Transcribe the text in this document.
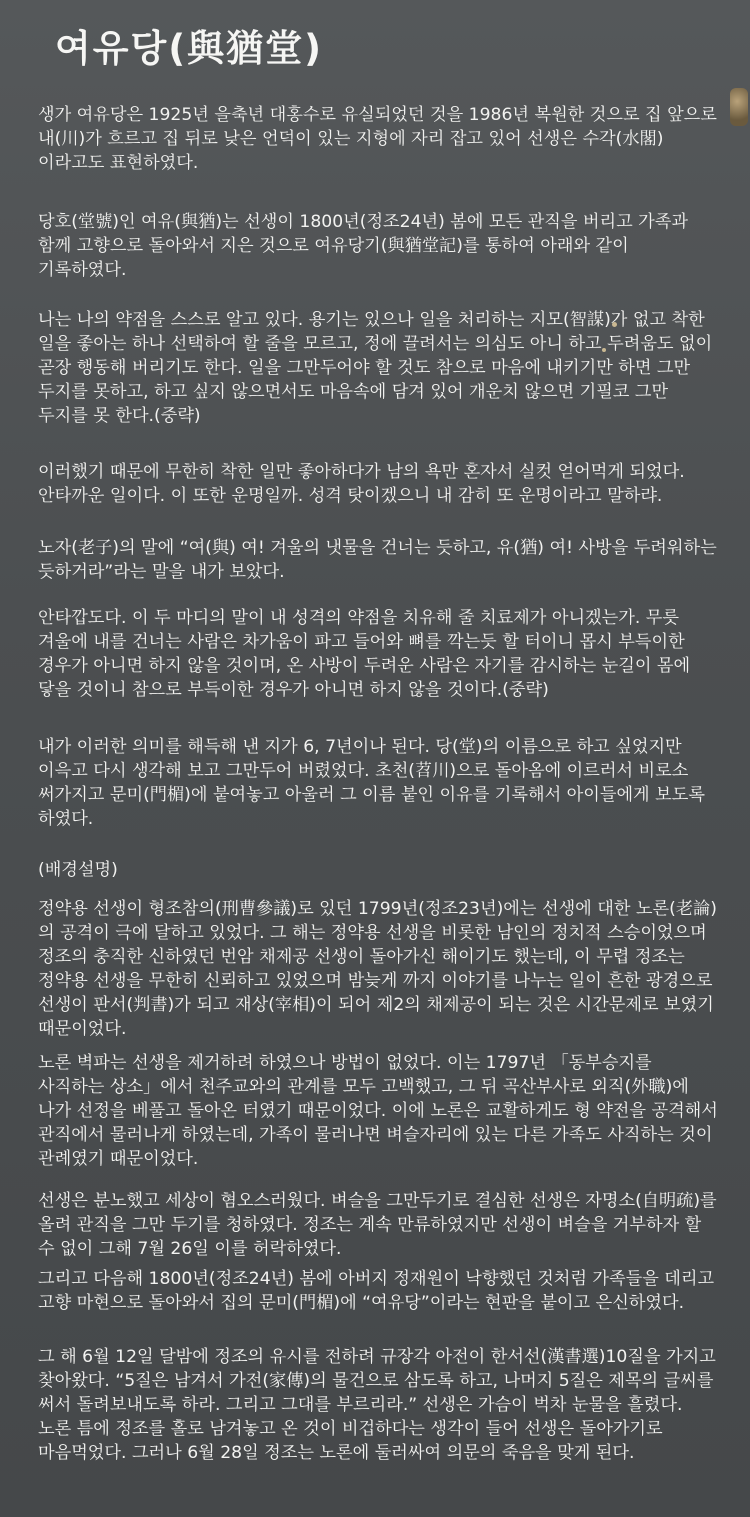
여유당(與猶堂)

생가 여유당은 1925년 을축년 대홍수로 유실되었던 것을 1986년 복원한 것으로 집 앞으로 내(川)가 흐르고 집 뒤로 낮은 언덕이 있는 지형에 자리 잡고 있어 선생은 수각(水閣)이라고도 표현하였다.

당호(堂號)인 여유(與猶)는 선생이 1800년(정조24년) 봄에 모든 관직을 버리고 가족과 함께 고향으로 돌아와서 지은 것으로 여유당기(與猶堂記)를 통하여 아래와 같이 기록하였다.

나는 나의 약점을 스스로 알고 있다. 용기는 있으나 일을 처리하는 지모(智謀)가 없고 착한 일을 좋아는 하나 선택하여 할 줄을 모르고, 정에 끌려서는 의심도 아니 하고 두려움도 없이 곧장 행동해 버리기도 한다. 일을 그만두어야 할 것도 참으로 마음에 내키기만 하면 그만 두지를 못하고, 하고 싶지 않으면서도 마음속에 담겨 있어 개운치 않으면 기필코 그만 두지를 못 한다.(중략)

이러했기 때문에 무한히 착한 일만 좋아하다가 남의 욕만 혼자서 실컷 얻어먹게 되었다. 안타까운 일이다. 이 또한 운명일까. 성격 탓이겠으니 내 감히 또 운명이라고 말하랴.

노자(老子)의 말에 “여(與) 여! 겨울의 냇물을 건너는 듯하고, 유(猶) 여! 사방을 두려워하는 듯하거라”라는 말을 내가 보았다.

안타깝도다. 이 두 마디의 말이 내 성격의 약점을 치유해 줄 치료제가 아니겠는가. 무릇 겨울에 내를 건너는 사람은 차가움이 파고 들어와 뼈를 깍는듯 할 터이니 몹시 부득이한 경우가 아니면 하지 않을 것이며, 온 사방이 두려운 사람은 자기를 감시하는 눈길이 몸에 닿을 것이니 참으로 부득이한 경우가 아니면 하지 않을 것이다.(중략)

내가 이러한 의미를 해득해 낸 지가 6, 7년이나 된다. 당(堂)의 이름으로 하고 싶었지만 이윽고 다시 생각해 보고 그만두어 버렸었다. 초천(苕川)으로 돌아옴에 이르러서 비로소 써가지고 문미(門楣)에 붙여놓고 아울러 그 이름 붙인 이유를 기록해서 아이들에게 보도록 하였다.

(배경설명)

정약용 선생이 형조참의(刑曹參議)로 있던 1799년(정조23년)에는 선생에 대한 노론(老論)의 공격이 극에 달하고 있었다. 그 해는 정약용 선생을 비롯한 남인의 정치적 스승이었으며 정조의 충직한 신하였던 번암 채제공 선생이 돌아가신 해이기도 했는데, 이 무렵 정조는 정약용 선생을 무한히 신뢰하고 있었으며 밤늦게 까지 이야기를 나누는 일이 흔한 광경으로 선생이 판서(判書)가 되고 재상(宰相)이 되어 제2의 채제공이 되는 것은 시간문제로 보였기 때문이었다.

노론 벽파는 선생을 제거하려 하였으나 방법이 없었다. 이는 1797년 「동부승지를 사직하는 상소」에서 천주교와의 관계를 모두 고백했고, 그 뒤 곡산부사로 외직(外職)에 나가 선정을 베풀고 돌아온 터였기 때문이었다. 이에 노론은 교활하게도 형 약전을 공격해서 관직에서 물러나게 하였는데, 가족이 물러나면 벼슬자리에 있는 다른 가족도 사직하는 것이 관례였기 때문이었다.

선생은 분노했고 세상이 혐오스러웠다. 벼슬을 그만두기로 결심한 선생은 자명소(自明疏)를 올려 관직을 그만 두기를 청하였다. 정조는 계속 만류하였지만 선생이 벼슬을 거부하자 할 수 없이 그해 7월 26일 이를 허락하였다.

그리고 다음해 1800년(정조24년) 봄에 아버지 정재원이 낙향했던 것처럼 가족들을 데리고 고향 마현으로 돌아와서 집의 문미(門楣)에 “여유당”이라는 현판을 붙이고 은신하였다.

그 해 6월 12일 달밤에 정조의 유시를 전하려 규장각 아전이 한서선(漢書選)10질을 가지고 찾아왔다. “5질은 남겨서 가전(家傳)의 물건으로 삼도록 하고, 나머지 5질은 제목의 글씨를 써서 돌려보내도록 하라. 그리고 그대를 부르리라.” 선생은 가슴이 벅차 눈물을 흘렸다. 노론 틈에 정조를 홀로 남겨놓고 온 것이 비겁하다는 생각이 들어 선생은 돌아가기로 마음먹었다. 그러나 6월 28일 정조는 노론에 둘러싸여 의문의 죽음을 맞게 된다.
